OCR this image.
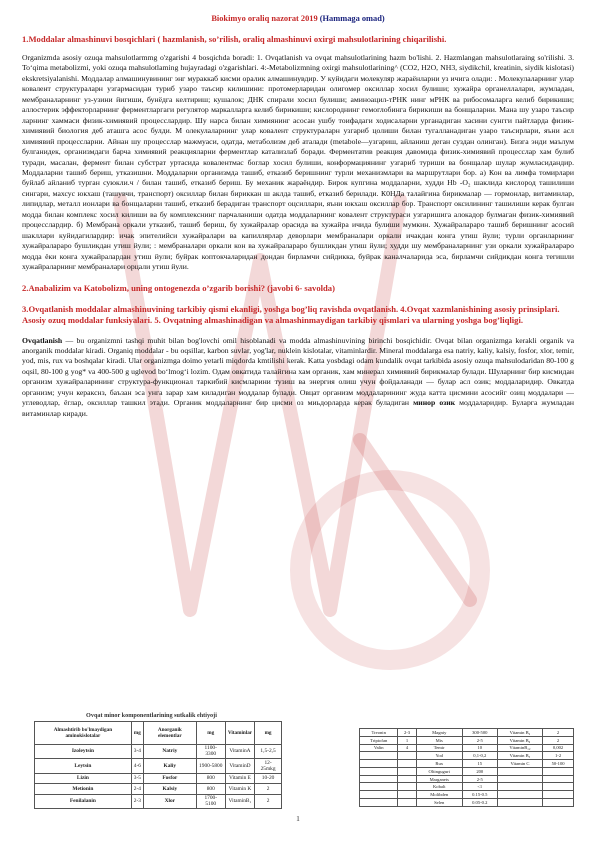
Biokimyo oraliq nazorat 2019 (Hammaga omad)

1.Moddalar almashinuvi bosqichlari ( hazmlanish, so’rilish, oraliq almashinuvi oxirgi mahsulotlarining chiqarilishi.

Organizmda asosiy ozuqa mahsulotlarmmg o'zgarishi 4 bosqichda boradi: 1. Ovqatlanish va ovqat mahsulotlarining hazm bo'lishi. 2. Hazmlangan mahsulotlaraing so'rilishi. 3. To‘qima metabolizmi, yoki ozuqa mahsulotlaming hujayradagi o'zgarishlari. 4:-Metabolizmning oxirgi mahsulotlarining^ (CO2, H2O, NH3, siydikchil, kreatinin, siydik kislotasi) ekskretsiyalanishi. Моддалар алмашинувининг энг мураккаб кисми оралик алмашинувдир. У куйидаги молекуляр жараёнларни уз ичига олади: . Молекулаларнинг улар ковалент структураларн узгармасидан туриб узаро таъсир килишини: протомерларидан олигомер оксиллар хосил булиши; хужайра органеллалари, жумладан, мембраналарнинг уз-узини йигиши, бунёдга келтириш; кушалок; ДНК спирали хосил булиши; аминоацил-тРНК нинг мРНК ва рибосомаларга келиб бирикиши; аллостерик эффекторларнинг ферментларгаги регулятор маркалларга келиб бирикиши; кислороднинг гемоглобинга бирикиши ва бонщаларни. Мана шу узаро таъсир ларнинг хаммаси физик-химиявий процесслардир. Шу нарса билан химиянинг асосан ушбу тоифадаги ходисаларни урганадиган хасини сунгги пайтларда физик-химиявий биология деб аташга асос булди. М олекулаларнинг улар ковалент структураларн узгариб цолиши билан тугалланадиган узаро таъсирлари, яъни асл химиявий процессларни. Айнан шу процесслар мажмуаси, одатда, метаболизм деб аталади (metabole—узгариш, айланиш деган суздан олинган). Бизга энди маълум булганидек, организмдаги барча химиявий реакцияларни ферментлар катализлаб боради. Ферментатив реакция давомида физик-химиявий процесслар хам булиб туради, масалан, фермент билан субстрат уртасида ковалентмас боглар хосил булиши, конформациянинг узгариб туриши ва бонщалар шулар жумласидандир. Моддаларни ташиб бериш, утказишни. Моддаларни организмда ташиб, етказиб беришнинг турли механизмлари ва маршрутлари бор. а) Кон ва лимфа томирлари буйлаб айланиб турган суюкли.ч / билан ташиб, етказиб бериш. Бу механик жараёндир. Бирок купгина моддаларни, худди Hb -О₂ шаклида кислород ташилиши сингари, махсус юкхаш (ташувчи, транспорт) оксиллар билан бириккан ш аклда ташиб, етказиб берилади. К0НДа талайгина бирикмалар — гормонлар, витаминлар, липидлар, металл ионлари ва бонщаларни ташиб, етказиб берадиган транспорт оцсиллари, яъни юкхаш оксиллар бор. Транспорт оксилининг ташилиши керак булган модда билан комплекс хосил килиши ва бу комплекснинг парчаланиши одатда моддаларнинг ковалент структураси узгаришига алокадор булмаган физик-химиявий процесслардир. б) Мембрана оркали утказиб, ташиб бериш, бу хужайралар орасида ва хужайра ичида булиши мумкин. Хужайралараро ташиб беришнинг асосий шакллари куйидагилардир: ичак эпителийси хужайралари ва капиллярлар деворлари мембраналари оркали ичакдан конга утиш йули; турли органларнинг хужайралараро бушликдан утиш йули; : мембраналари оркали кон ва хужайралараро бушликдан утиш йули; худди шу мембраналарнинг узи оркали хужайралараро модда ёки конга хужайралардан утиш йули; буйрак коптокчаларидан дондан бирламчи сийдикка, буйрак каналчаларида эса, бирламчи сийдикдан конга тегишли хужайраларнинг мембраналари орцали утиш йули.

2.Anabalizim va Katobolizm, uning ontogenezda o’zgarib borishi? (javobi 6- savolda)

3.Ovqatlanish moddalar almashinuvining tarkibiy qismi ekanligi, yoshga bog’liq ravishda ovqatlanish. 4.Ovqat xazmlanishining asosiy prinsiplari. Asosiy ozuq moddalar funksiyalari. 5. Ovqatning almashinadigan va almashinmaydigan tarkibiy qismlari va ularning yoshga bog’liqligi.

Ovqatlanish — bu organizmni tashqi muhit bilan bog'lovchi omil hisoblanadi va modda almashinuvining birinchi bosqichidir. Ovqat bilan organizmga kerakli organik va anorganik moddalar kiradi. Organiq moddalar - bu oqsillar, karbon suvlar, yog'lar, nuklein kislotalar, vitaminlardir. Mineral moddalarga esa natriy, kaliy, kalsiy, fosfor, xlor, temir, yod, mis, rux va boshqalar kiradi. Ular organizmga doimo yetarli miqdorda kmtilishi kerak. Katta yosbdagi odam kundalik ovqat tarkibida asosiy ozuqa mahsulodaridan 80-100 g oqsil, 80-100 g yog* va 400-500 g uglevod bo‘lmog‘i lozim. Одам овкатида талайгина хам органик, хам минерал химиявий бирикмалар булади. Шуларнинг бир кисмидан организм хужайраларининг структура-функционал таркибий кисмларини тузиш ва энергия олиш учун фойдаланади — булар асл озик; моддаларидир. Овкатда организм; учун керакснз, баъзан эса унга зарар хам киладиган моддалар булади. Овцат организм моддаларининг жуда катта цисмини асосийг озиц моддалари — углеводлар, ёглар, оксиллар ташкил этади. Органик моддаларнинг бир цисми оз миьдорларда керак буладиган минор озик моддаларидир. Буларга жумладан витаминлар киради.

Ovqat minor komponentlarining sutkalik ehtiyoji
Almashtirib bo'lmaydigan aminokislotalar	mg	Anorganik elementlar	mg	Vitaminlar	mg
Izoleytsin	3-4	Natriy	1100- 3300	VitaminA	1,5-2,5
Leytsin	4-6	Kaliy	1900-5800	VitaminD	12-25mkg
Lizin	3-5	Fosfor	800	Vitamin E	10-20
Metionin	2-4	Kalsiy	800	Vitamin K	2
Fenilalanin	2-3	Xlor	1700- 5100	VitaminB₁	2
Treonin	2-3	Magniy	300-500	Vitamin B₂	2
Triptofan	1	Mis	2-5	Vitamin B₆	2
Valin	4	Temir	10	VitaminB₁₂	0,002
		Yod	0,1-0,2	Vitamin B₃	1-2
		Rux	15	Vitamin C	50-100
		Oltingugurt	200		
		Marganets	2-5		
		Kobalt	<1		
		Molibden	0.15-0.5		
		Selen	0.05-0.2		
1
